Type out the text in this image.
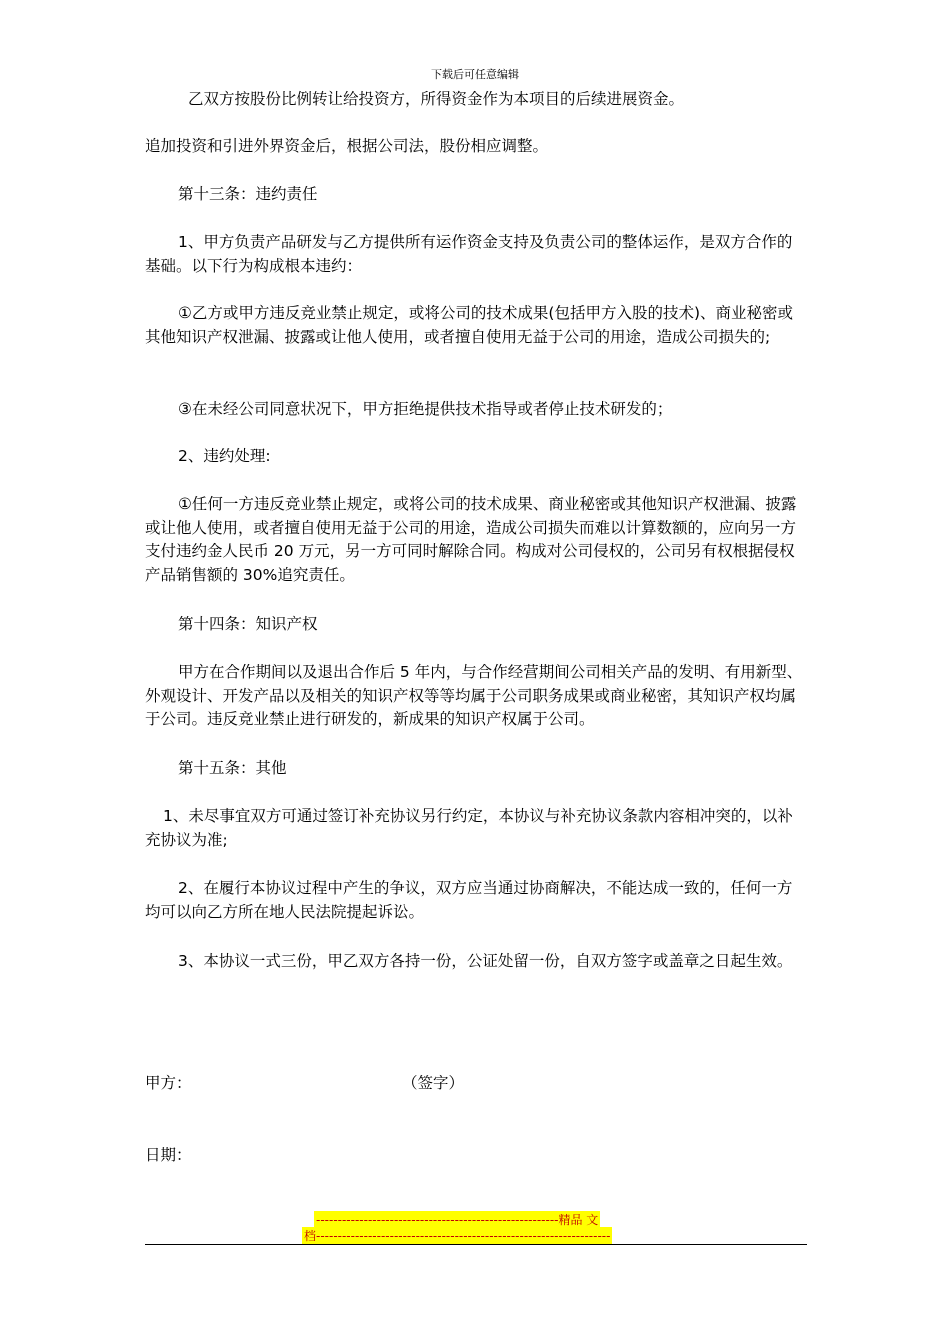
下载后可任意编辑

乙双方按股份比例转让给投资方，所得资金作为本项目的后续进展资金。

追加投资和引进外界资金后，根据公司法，股份相应调整。

第十三条：违约责任

1、甲方负责产品研发与乙方提供所有运作资金支持及负责公司的整体运作，是双方合作的基础。以下行为构成根本违约：

①乙方或甲方违反竞业禁止规定，或将公司的技术成果(包括甲方入股的技术)、商业秘密或其他知识产权泄漏、披露或让他人使用，或者擅自使用无益于公司的用途，造成公司损失的;

③在未经公司同意状况下，甲方拒绝提供技术指导或者停止技术研发的；

2、违约处理:

①任何一方违反竞业禁止规定，或将公司的技术成果、商业秘密或其他知识产权泄漏、披露或让他人使用，或者擅自使用无益于公司的用途，造成公司损失而难以计算数额的，应向另一方支付违约金人民币 20 万元，另一方可同时解除合同。构成对公司侵权的，公司另有权根据侵权产品销售额的 30%追究责任。

第十四条：知识产权

甲方在合作期间以及退出合作后 5 年内，与合作经营期间公司相关产品的发明、有用新型、外观设计、开发产品以及相关的知识产权等等均属于公司职务成果或商业秘密，其知识产权均属于公司。违反竞业禁止进行研发的，新成果的知识产权属于公司。

第十五条：其他

1、未尽事宜双方可通过签订补充协议另行约定，本协议与补充协议条款内容相冲突的，以补充协议为准;

2、在履行本协议过程中产生的争议，双方应当通过协商解决，不能达成一致的，任何一方均可以向乙方所在地人民法院提起诉讼。

3、本协议一式三份，甲乙双方各持一份，公证处留一份，自双方签字或盖章之日起生效。

甲方：	（签字）
日期：
--------------------------------------------------------精品 文
档--------------------------------------------------------------------
